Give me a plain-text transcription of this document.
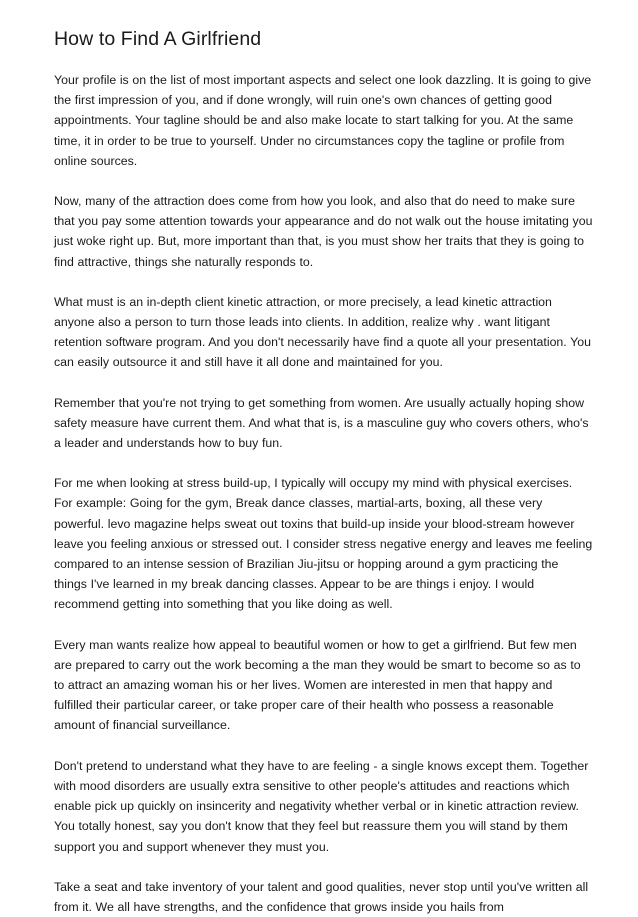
How to Find A Girlfriend

Your profile is on the list of most important aspects and select one look dazzling. It is going to give the first impression of you, and if done wrongly, will ruin one's own chances of getting good appointments. Your tagline should be and also make locate to start talking for you. At the same time, it in order to be true to yourself. Under no circumstances copy the tagline or profile from online sources.

Now, many of the attraction does come from how you look, and also that do need to make sure that you pay some attention towards your appearance and do not walk out the house imitating you just woke right up. But, more important than that, is you must show her traits that they is going to find attractive, things she naturally responds to.

What must is an in-depth client kinetic attraction, or more precisely, a lead kinetic attraction anyone also a person to turn those leads into clients. In addition, realize why . want litigant retention software program. And you don't necessarily have find a quote all your presentation. You can easily outsource it and still have it all done and maintained for you.

Remember that you're not trying to get something from women. Are usually actually hoping show safety measure have current them. And what that is, is a masculine guy who covers others, who's a leader and understands how to buy fun.

For me when looking at stress build-up, I typically will occupy my mind with physical exercises. For example: Going for the gym, Break dance classes, martial-arts, boxing, all these very powerful. levo magazine helps sweat out toxins that build-up inside your blood-stream however leave you feeling anxious or stressed out. I consider stress negative energy and leaves me feeling compared to an intense session of Brazilian Jiu-jitsu or hopping around a gym practicing the things I've learned in my break dancing classes. Appear to be are things i enjoy. I would recommend getting into something that you like doing as well.

Every man wants realize how appeal to beautiful women or how to get a girlfriend. But few men are prepared to carry out the work becoming a the man they would be smart to become so as to to attract an amazing woman his or her lives. Women are interested in men that happy and fulfilled their particular career, or take proper care of their health who possess a reasonable amount of financial surveillance.

Don't pretend to understand what they have to are feeling - a single knows except them. Together with mood disorders are usually extra sensitive to other people's attitudes and reactions which enable pick up quickly on insincerity and negativity whether verbal or in kinetic attraction review. You totally honest, say you don't know that they feel but reassure them you will stand by them support you and support whenever they must you.

Take a seat and take inventory of your talent and good qualities, never stop until you've written all from it. We all have strengths, and the confidence that grows inside you hails from
